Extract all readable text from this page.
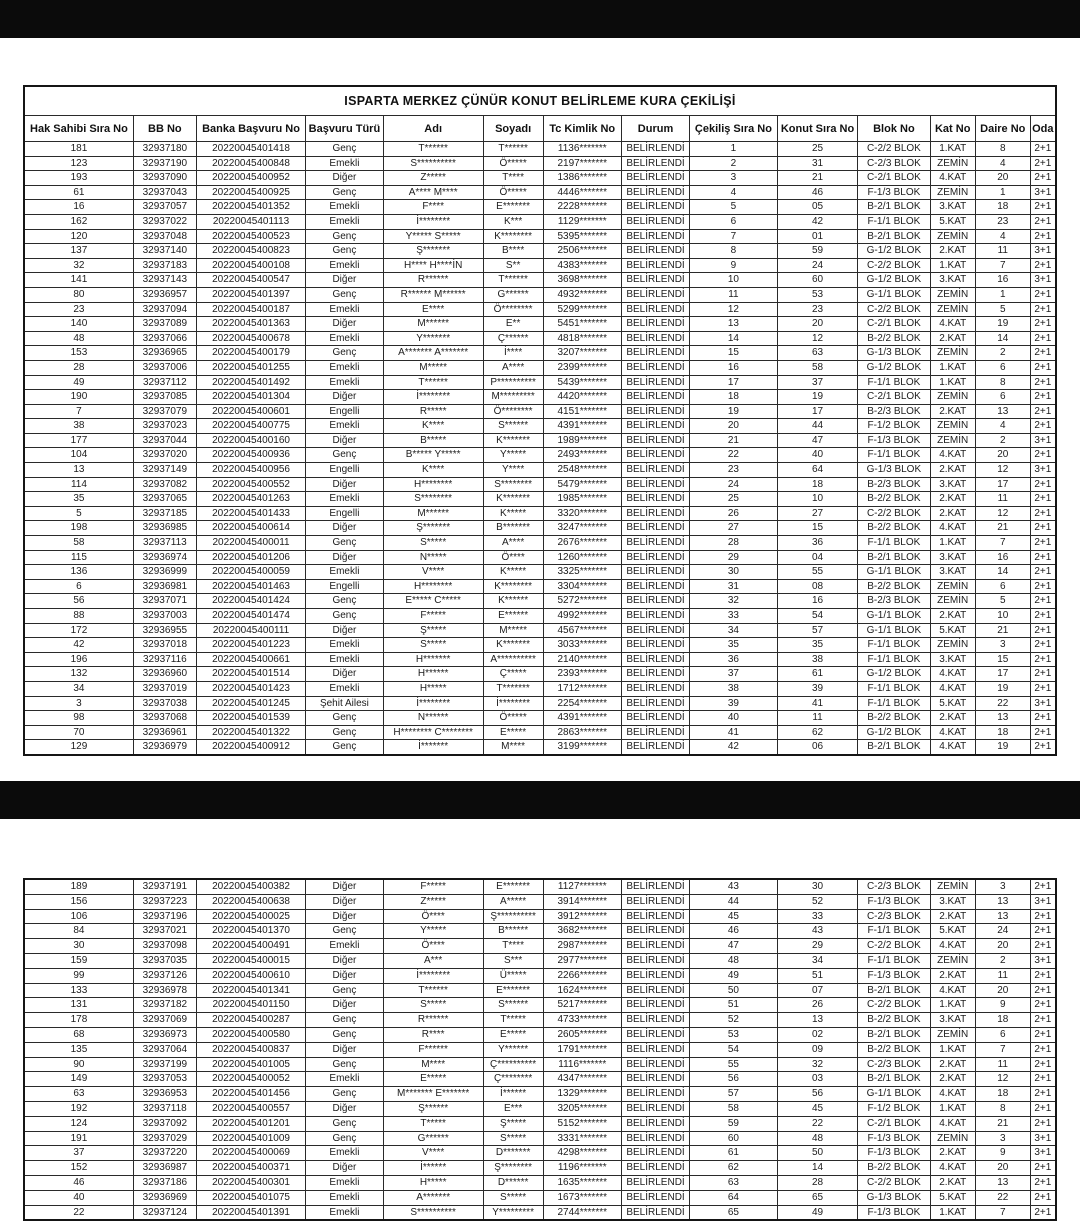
ISPARTA MERKEZ ÇÜNÜR KONUT BELİRLEME KURA ÇEKİLİŞİ													
Hak Sahibi Sıra No	BB No	Banka Başvuru No	Başvuru Türü	Adı	Soyadı	Tc Kimlik No	Durum	Çekiliş Sıra No	Konut Sıra No	Blok No	Kat No	Daire No	Oda
181	32937180	20220045401418	Genç	T******	T******	1136*******	BELİRLENDİ	1	25	C-2/2 BLOK	1.KAT	8	2+1
123	32937190	20220045400848	Emekli	S**********	Ö*****	2197*******	BELİRLENDİ	2	31	C-2/3 BLOK	ZEMİN	4	2+1
193	32937090	20220045400952	Diğer	Z*****	T****	1386*******	BELİRLENDİ	3	21	C-2/1 BLOK	4.KAT	20	2+1
61	32937043	20220045400925	Genç	A**** M****	Ö*****	4446*******	BELİRLENDİ	4	46	F-1/3 BLOK	ZEMİN	1	3+1
16	32937057	20220045401352	Emekli	F****	E*******	2228*******	BELİRLENDİ	5	05	B-2/1 BLOK	3.KAT	18	2+1
162	32937022	20220045401113	Emekli	İ********	K***	1129*******	BELİRLENDİ	6	42	F-1/1 BLOK	5.KAT	23	2+1
120	32937048	20220045400523	Genç	Y***** S*****	K********	5395*******	BELİRLENDİ	7	01	B-2/1 BLOK	ZEMİN	4	2+1
137	32937140	20220045400823	Genç	Ş*******	B****	2506*******	BELİRLENDİ	8	59	G-1/2 BLOK	2.KAT	11	3+1
32	32937183	20220045400108	Emekli	H**** H****İN	S**	4383*******	BELİRLENDİ	9	24	C-2/2 BLOK	1.KAT	7	2+1
141	32937143	20220045400547	Diğer	R******	T******	3698*******	BELİRLENDİ	10	60	G-1/2 BLOK	3.KAT	16	3+1
80	32936957	20220045401397	Genç	R****** M******	G******	4932*******	BELİRLENDİ	11	53	G-1/1 BLOK	ZEMİN	1	2+1
23	32937094	20220045400187	Emekli	E****	Ö********	5299*******	BELİRLENDİ	12	23	C-2/2 BLOK	ZEMİN	5	2+1
140	32937089	20220045401363	Diğer	M******	E**	5451*******	BELİRLENDİ	13	20	C-2/1 BLOK	4.KAT	19	2+1
48	32937066	20220045400678	Emekli	Y*******	Ç******	4818*******	BELİRLENDİ	14	12	B-2/2 BLOK	2.KAT	14	2+1
153	32936965	20220045400179	Genç	A******* A*******	İ****	3207*******	BELİRLENDİ	15	63	G-1/3 BLOK	ZEMİN	2	2+1
28	32937006	20220045401255	Emekli	M*****	A****	2399*******	BELİRLENDİ	16	58	G-1/2 BLOK	1.KAT	6	2+1
49	32937112	20220045401492	Emekli	T******	P**********	5439*******	BELİRLENDİ	17	37	F-1/1 BLOK	1.KAT	8	2+1
190	32937085	20220045401304	Diğer	İ********	M*********	4420*******	BELİRLENDİ	18	19	C-2/1 BLOK	ZEMİN	6	2+1
7	32937079	20220045400601	Engelli	R*****	Ö********	4151*******	BELİRLENDİ	19	17	B-2/3 BLOK	2.KAT	13	2+1
38	32937023	20220045400775	Emekli	K****	S******	4391*******	BELİRLENDİ	20	44	F-1/2 BLOK	ZEMİN	4	2+1
177	32937044	20220045400160	Diğer	B*****	K*******	1989*******	BELİRLENDİ	21	47	F-1/3 BLOK	ZEMİN	2	3+1
104	32937020	20220045400936	Genç	B***** Y*****	Y*****	2493*******	BELİRLENDİ	22	40	F-1/1 BLOK	4.KAT	20	2+1
13	32937149	20220045400956	Engelli	K****	Y****	2548*******	BELİRLENDİ	23	64	G-1/3 BLOK	2.KAT	12	3+1
114	32937082	20220045400552	Diğer	H********	S********	5479*******	BELİRLENDİ	24	18	B-2/3 BLOK	3.KAT	17	2+1
35	32937065	20220045401263	Emekli	S********	K*******	1985*******	BELİRLENDİ	25	10	B-2/2 BLOK	2.KAT	11	2+1
5	32937185	20220045401433	Engelli	M******	K*****	3320*******	BELİRLENDİ	26	27	C-2/2 BLOK	2.KAT	12	2+1
198	32936985	20220045400614	Diğer	Ş*******	B*******	3247*******	BELİRLENDİ	27	15	B-2/2 BLOK	4.KAT	21	2+1
58	32937113	20220045400011	Genç	S*****	A****	2676*******	BELİRLENDİ	28	36	F-1/1 BLOK	1.KAT	7	2+1
115	32936974	20220045401206	Diğer	N*****	Ö****	1260*******	BELİRLENDİ	29	04	B-2/1 BLOK	3.KAT	16	2+1
136	32936999	20220045400059	Emekli	V****	K*****	3325*******	BELİRLENDİ	30	55	G-1/1 BLOK	3.KAT	14	2+1
6	32936981	20220045401463	Engelli	H********	K********	3304*******	BELİRLENDİ	31	08	B-2/2 BLOK	ZEMİN	6	2+1
56	32937071	20220045401424	Genç	E***** C*****	K******	5272*******	BELİRLENDİ	32	16	B-2/3 BLOK	ZEMİN	5	2+1
88	32937003	20220045401474	Genç	F*****	E******	4992*******	BELİRLENDİ	33	54	G-1/1 BLOK	2.KAT	10	2+1
172	32936955	20220045400111	Diğer	Ş*****	M*****	4567*******	BELİRLENDİ	34	57	G-1/1 BLOK	5.KAT	21	2+1
42	32937018	20220045401223	Emekli	S*****	K*******	3033*******	BELİRLENDİ	35	35	F-1/1 BLOK	ZEMİN	3	2+1
196	32937116	20220045400661	Emekli	H*******	A**********	2140*******	BELİRLENDİ	36	38	F-1/1 BLOK	3.KAT	15	2+1
132	32936960	20220045401514	Diğer	H******	Ç*****	2393*******	BELİRLENDİ	37	61	G-1/2 BLOK	4.KAT	17	2+1
34	32937019	20220045401423	Emekli	H*****	T*******	1712*******	BELİRLENDİ	38	39	F-1/1 BLOK	4.KAT	19	2+1
3	32937038	20220045401245	Şehit Ailesi	İ********	İ********	2254*******	BELİRLENDİ	39	41	F-1/1 BLOK	5.KAT	22	3+1
98	32937068	20220045401539	Genç	N******	Ö*****	4391*******	BELİRLENDİ	40	11	B-2/2 BLOK	2.KAT	13	2+1
70	32936961	20220045401322	Genç	H******** C********	E*****	2863*******	BELİRLENDİ	41	62	G-1/2 BLOK	4.KAT	18	2+1
129	32936979	20220045400912	Genç	İ*******	M****	3199*******	BELİRLENDİ	42	06	B-2/1 BLOK	4.KAT	19	2+1
189	32937191	20220045400382	Diğer	F*****	E*******	1127*******	BELİRLENDİ	43	30	C-2/3 BLOK	ZEMİN	3	2+1
156	32937223	20220045400638	Diğer	Z*****	A*****	3914*******	BELİRLENDİ	44	52	F-1/3 BLOK	3.KAT	13	3+1
106	32937196	20220045400025	Diğer	Ö****	Ş**********	3912*******	BELİRLENDİ	45	33	C-2/3 BLOK	2.KAT	13	2+1
84	32937021	20220045401370	Genç	Y*****	B******	3682*******	BELİRLENDİ	46	43	F-1/1 BLOK	5.KAT	24	2+1
30	32937098	20220045400491	Emekli	Ö****	T****	2987*******	BELİRLENDİ	47	29	C-2/2 BLOK	4.KAT	20	2+1
159	32937035	20220045400015	Diğer	A***	S***	2977*******	BELİRLENDİ	48	34	F-1/1 BLOK	ZEMİN	2	3+1
99	32937126	20220045400610	Diğer	İ********	Ü*****	2266*******	BELİRLENDİ	49	51	F-1/3 BLOK	2.KAT	11	2+1
133	32936978	20220045401341	Genç	T******	E*******	1624*******	BELİRLENDİ	50	07	B-2/1 BLOK	4.KAT	20	2+1
131	32937182	20220045401150	Diğer	S*****	S******	5217*******	BELİRLENDİ	51	26	C-2/2 BLOK	1.KAT	9	2+1
178	32937069	20220045400287	Genç	R******	T*****	4733*******	BELİRLENDİ	52	13	B-2/2 BLOK	3.KAT	18	2+1
68	32936973	20220045400580	Genç	R****	E*****	2605*******	BELİRLENDİ	53	02	B-2/1 BLOK	ZEMİN	6	2+1
135	32937064	20220045400837	Diğer	F******	Y******	1791*******	BELİRLENDİ	54	09	B-2/2 BLOK	1.KAT	7	2+1
90	32937199	20220045401005	Genç	M****	Ç**********	1116*******	BELİRLENDİ	55	32	C-2/3 BLOK	2.KAT	11	2+1
149	32937053	20220045400052	Emekli	E*****	Ç********	4347*******	BELİRLENDİ	56	03	B-2/1 BLOK	2.KAT	12	2+1
63	32936953	20220045401456	Genç	M******* E*******	İ******	1329*******	BELİRLENDİ	57	56	G-1/1 BLOK	4.KAT	18	2+1
192	32937118	20220045400557	Diğer	Ş******	E***	3205*******	BELİRLENDİ	58	45	F-1/2 BLOK	1.KAT	8	2+1
124	32937092	20220045401201	Genç	T*****	Ş*****	5152*******	BELİRLENDİ	59	22	C-2/1 BLOK	4.KAT	21	2+1
191	32937029	20220045401009	Genç	G******	S*****	3331*******	BELİRLENDİ	60	48	F-1/3 BLOK	ZEMİN	3	3+1
37	32937220	20220045400069	Emekli	V****	D*******	4298*******	BELİRLENDİ	61	50	F-1/3 BLOK	2.KAT	9	3+1
152	32936987	20220045400371	Diğer	İ******	Ş********	1196*******	BELİRLENDİ	62	14	B-2/2 BLOK	4.KAT	20	2+1
46	32937186	20220045400301	Emekli	H*****	D******	1635*******	BELİRLENDİ	63	28	C-2/2 BLOK	2.KAT	13	2+1
40	32936969	20220045401075	Emekli	A*******	S*****	1673*******	BELİRLENDİ	64	65	G-1/3 BLOK	5.KAT	22	2+1
22	32937124	20220045401391	Emekli	S**********	Y*********	2744*******	BELİRLENDİ	65	49	F-1/3 BLOK	1.KAT	7	2+1
